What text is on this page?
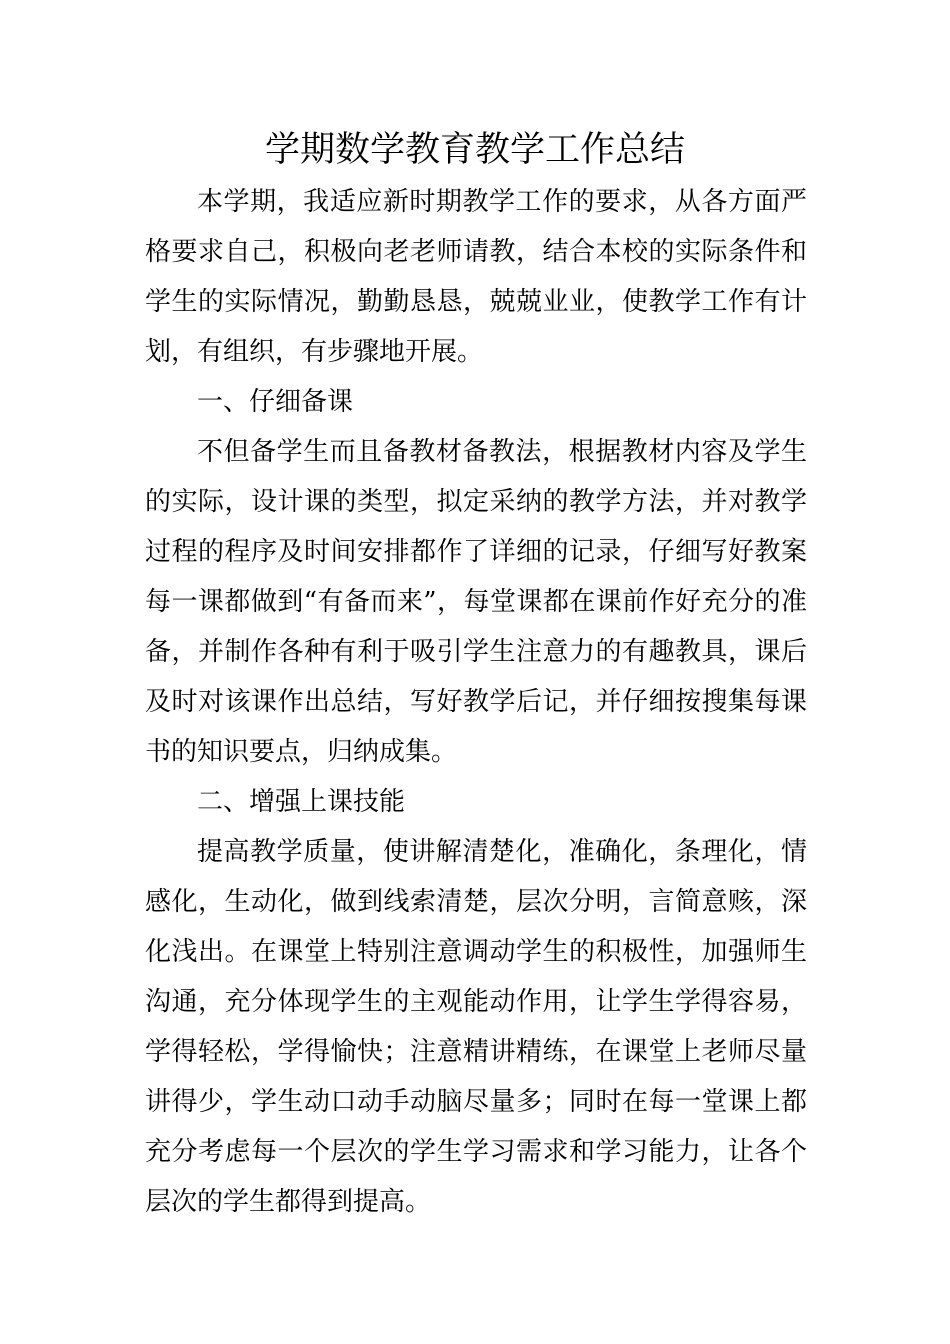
学期数学教育教学工作总结

本学期，我适应新时期教学工作的要求，从各方面严格要求自己，积极向老老师请教，结合本校的实际条件和学生的实际情况，勤勤恳恳，兢兢业业，使教学工作有计划，有组织，有步骤地开展。

一、仔细备课

不但备学生而且备教材备教法，根据教材内容及学生的实际，设计课的类型，拟定采纳的教学方法，并对教学过程的程序及时间安排都作了详细的记录，仔细写好教案每一课都做到“有备而来”，每堂课都在课前作好充分的准备，并制作各种有利于吸引学生注意力的有趣教具，课后及时对该课作出总结，写好教学后记，并仔细按搜集每课书的知识要点，归纳成集。

二、增强上课技能

提高教学质量，使讲解清楚化，准确化，条理化，情感化，生动化，做到线索清楚，层次分明，言简意赅，深化浅出。在课堂上特别注意调动学生的积极性，加强师生沟通，充分体现学生的主观能动作用，让学生学得容易，学得轻松，学得愉快；注意精讲精练，在课堂上老师尽量讲得少，学生动口动手动脑尽量多；同时在每一堂课上都充分考虑每一个层次的学生学习需求和学习能力，让各个层次的学生都得到提高。
